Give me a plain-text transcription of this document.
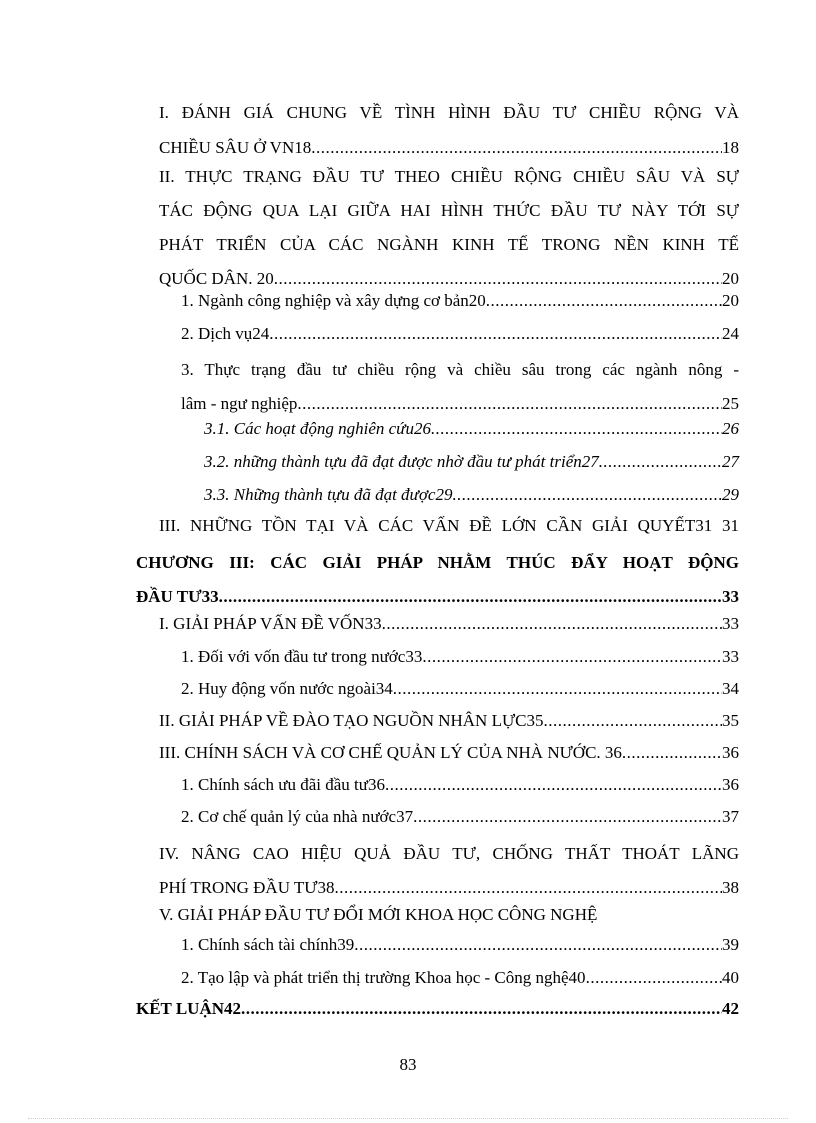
I. ĐÁNH GIÁ CHUNG VỀ TÌNH HÌNH ĐẦU TƯ CHIỀU RỘNG VÀ
CHIỀU SÂU Ở VN18 .....	18
II. THỰC TRẠNG ĐẦU TƯ THEO CHIỀU RỘNG CHIỀU SÂU VÀ SỰ
TÁC ĐỘNG QUA LẠI GIỮA HAI HÌNH THỨC ĐẦU TƯ NÀY TỚI SỰ
PHÁT TRIỂN CỦA CÁC NGÀNH KINH TẾ TRONG NỀN KINH TẾ
QUỐC DÂN. 20 .....	20
1. Ngành công nghiệp và xây dựng cơ bản20 .....	20
2. Dịch vụ24 .....	24
3. Thực trạng đầu tư chiều rộng và chiều sâu trong các ngành nông -
lâm - ngư nghiệp .....	25
3.1. Các hoạt động nghiên cứu26 .....	26
3.2. những thành tựu đã đạt được nhờ đầu tư phát triển27 .....	27
3.3. Những thành tựu đã đạt được29 .....	29
III. NHỮNG TỒN TẠI VÀ CÁC VẤN ĐỀ LỚN CẦN GIẢI QUYẾT31 31
CHƯƠNG III: CÁC GIẢI PHÁP NHẰM THÚC ĐẨY HOẠT ĐỘNG
ĐẦU TƯ33 .....	33
I. GIẢI PHÁP VẤN ĐỀ VỐN33 .....	33
1. Đối với vốn đầu tư trong nước33 .....	33
2. Huy động vốn nước ngoài34 .....	34
II. GIẢI PHÁP VỀ ĐÀO TẠO NGUỒN NHÂN LỰC35 .....	35
III. CHÍNH SÁCH VÀ CƠ CHẾ QUẢN LÝ CỦA NHÀ NƯỚC. 36 .....	36
1. Chính sách ưu đãi đầu tư36 .....	36
2. Cơ chế quản lý của nhà nước37 .....	37
IV. NÂNG CAO HIỆU QUẢ ĐẦU TƯ, CHỐNG THẤT THOÁT LÃNG
PHÍ TRONG ĐẦU TƯ38 .....	38
V. GIẢI PHÁP ĐẦU TƯ ĐỔI MỚI KHOA HỌC CÔNG NGHỆ
1. Chính sách tài chính39 .....	39
2. Tạo lập và phát triển thị trường Khoa học - Công nghệ40 .....	40
KẾT LUẬN42 .....	42
83
